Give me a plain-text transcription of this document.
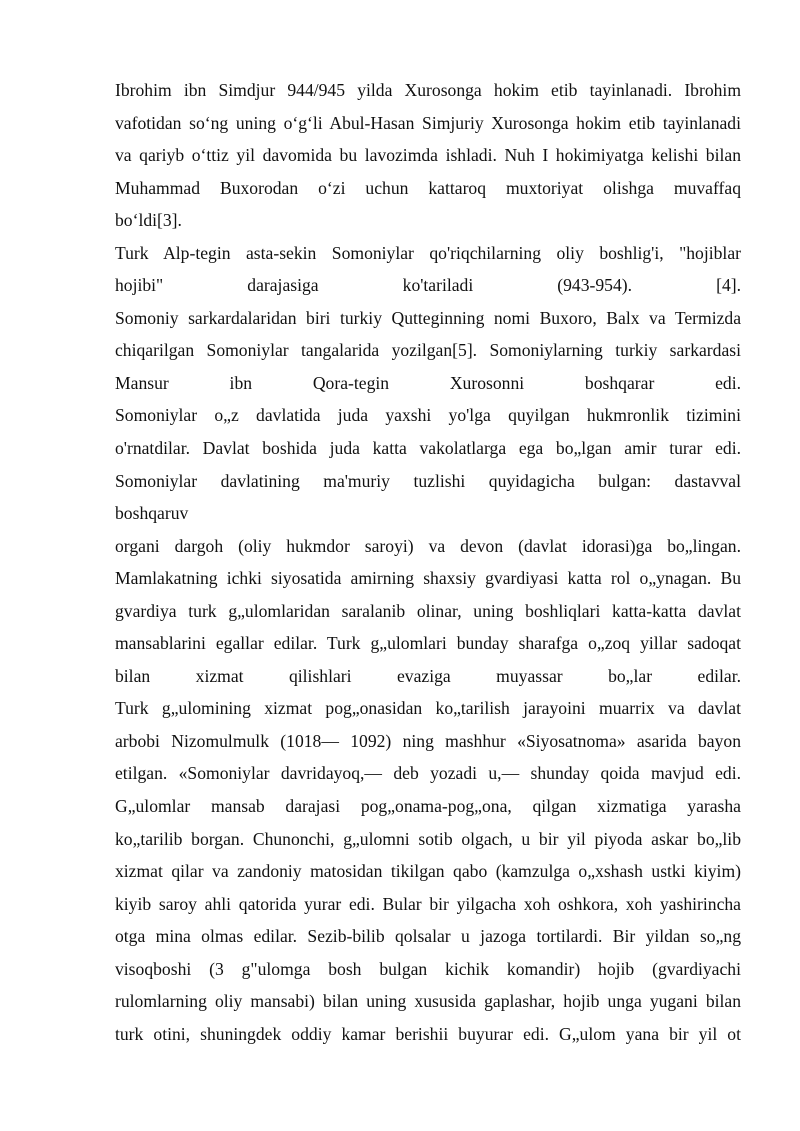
Ibrohim ibn Simdjur 944/945 yilda Xurosonga hokim etib tayinlanadi. Ibrohim
vafotidan so‘ng uning o‘g‘li Abul-Hasan Simjuriy Xurosonga hokim etib tayinlanadi
va qariyb o‘ttiz yil davomida bu lavozimda ishladi. Nuh I hokimiyatga kelishi bilan
Muhammad Buxorodan o‘zi uchun kattaroq muxtoriyat olishga muvaffaq
bo‘ldi[3].
Turk Alp-tegin asta-sekin Somoniylar qo'riqchilarning oliy boshlig'i, "hojiblar
hojibi" darajasiga ko'tariladi (943-954). [4].
Somoniy sarkardalaridan biri turkiy Qutteginning nomi Buxoro, Balx va Termizda
chiqarilgan Somoniylar tangalarida yozilgan[5]. Somoniylarning turkiy sarkardasi
Mansur ibn Qora-tegin Xurosonni boshqarar edi.
Somoniylar o„z davlatida juda yaxshi yo'lga quyilgan hukmronlik tizimini
o'rnatdilar. Davlat boshida juda katta vakolatlarga ega bo„lgan amir turar edi.
Somoniylar davlatining ma'muriy tuzlishi quyidagicha bulgan: dastavval
boshqaruv
organi dargoh (oliy hukmdor saroyi) va devon (davlat idorasi)ga bo„lingan.
Mamlakatning ichki siyosatida amirning shaxsiy gvardiyasi katta rol o„ynagan. Bu
gvardiya turk g„ulomlaridan saralanib olinar, uning boshliqlari katta-katta davlat
mansablarini egallar edilar. Turk g„ulomlari bunday sharafga o„zoq yillar sadoqat
bilan xizmat qilishlari evaziga muyassar bo„lar edilar.
Turk g„ulomining xizmat pog„onasidan ko„tarilish jarayoini muarrix va davlat
arbobi Nizomulmulk (1018— 1092) ning mashhur «Siyosatnoma» asarida bayon
etilgan. «Somoniylar davridayoq,— deb yozadi u,— shunday qoida mavjud edi.
G„ulomlar mansab darajasi pog„onama-pog„ona, qilgan xizmatiga yarasha
ko„tarilib borgan. Chunonchi, g„ulomni sotib olgach, u bir yil piyoda askar bo„lib
xizmat qilar va zandoniy matosidan tikilgan qabo (kamzulga o„xshash ustki kiyim)
kiyib saroy ahli qatorida yurar edi. Bular bir yilgacha xoh oshkora, xoh yashirincha
otga mina olmas edilar. Sezib-bilib qolsalar u jazoga tortilardi. Bir yildan so„ng
visoqboshi (3 g"ulomga bosh bulgan kichik komandir) hojib (gvardiyachi
rulomlarning oliy mansabi) bilan uning xususida gaplashar, hojib unga yugani bilan
turk otini, shuningdek oddiy kamar berishii buyurar edi. G„ulom yana bir yil ot
